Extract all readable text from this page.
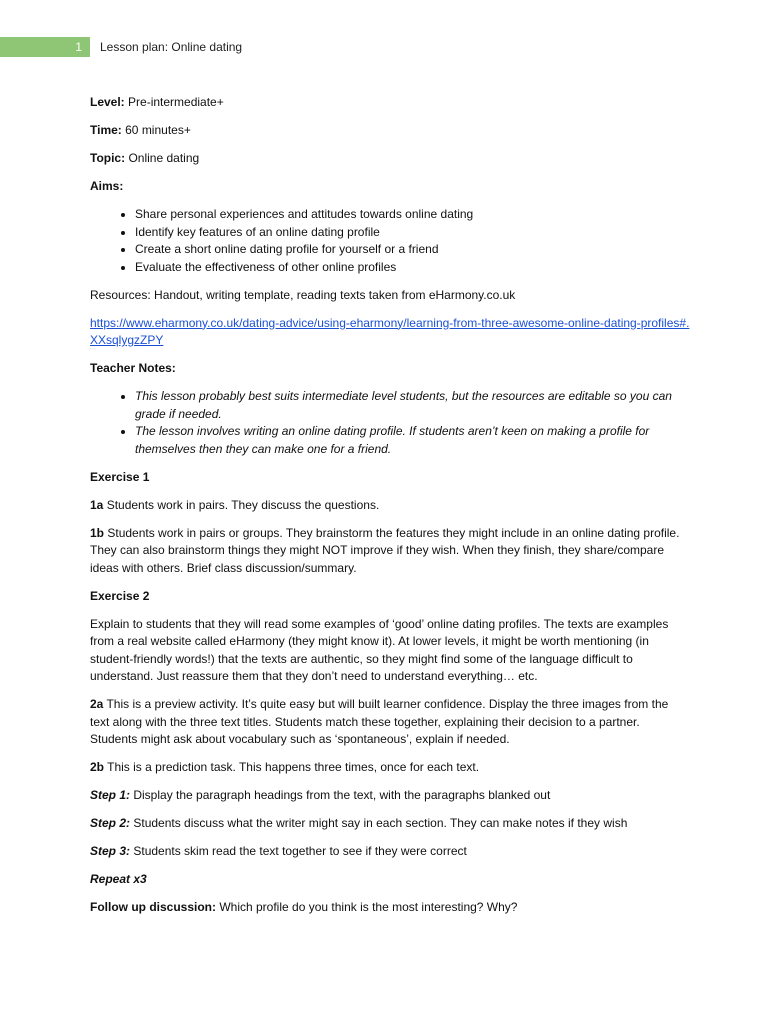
1	Lesson plan: Online dating

Level: Pre-intermediate+

Time: 60 minutes+

Topic: Online dating

Aims:

• Share personal experiences and attitudes towards online dating
• Identify key features of an online dating profile
• Create a short online dating profile for yourself or a friend
• Evaluate the effectiveness of other online profiles

Resources: Handout, writing template, reading texts taken from eHarmony.co.uk

https://www.eharmony.co.uk/dating-advice/using-eharmony/learning-from-three-awesome-online-dating-profiles#.XXsqlygzZPY

Teacher Notes:

• This lesson probably best suits intermediate level students, but the resources are editable so you can grade if needed.
• The lesson involves writing an online dating profile. If students aren’t keen on making a profile for themselves then they can make one for a friend.

Exercise 1

1a Students work in pairs. They discuss the questions.

1b Students work in pairs or groups. They brainstorm the features they might include in an online dating profile. They can also brainstorm things they might NOT improve if they wish. When they finish, they share/compare ideas with others. Brief class discussion/summary.

Exercise 2

Explain to students that they will read some examples of ‘good’ online dating profiles. The texts are examples from a real website called eHarmony (they might know it). At lower levels, it might be worth mentioning (in student-friendly words!) that the texts are authentic, so they might find some of the language difficult to understand. Just reassure them that they don’t need to understand everything… etc.

2a This is a preview activity. It’s quite easy but will built learner confidence. Display the three images from the text along with the three text titles. Students match these together, explaining their decision to a partner. Students might ask about vocabulary such as ‘spontaneous’, explain if needed.

2b This is a prediction task. This happens three times, once for each text.

Step 1: Display the paragraph headings from the text, with the paragraphs blanked out

Step 2: Students discuss what the writer might say in each section. They can make notes if they wish

Step 3: Students skim read the text together to see if they were correct

Repeat x3

Follow up discussion: Which profile do you think is the most interesting? Why?
